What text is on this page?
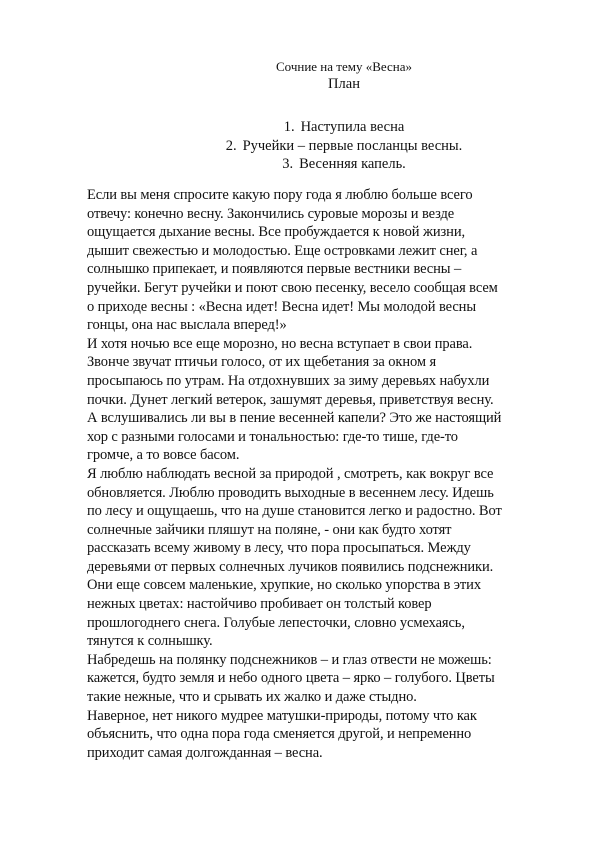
Сочние на тему «Весна»
План
1. Наступила весна
2. Ручейки – первые посланцы весны.
3. Весенняя капель.
Если вы меня спросите какую пору года я люблю больше всего
отвечу: конечно весну. Закончились суровые морозы и везде
ощущается дыхание весны. Все пробуждается к новой жизни,
дышит свежестью и молодостью. Еще островками лежит снег, а
солнышко припекает, и появляются первые вестники весны –
ручейки. Бегут ручейки и поют свою песенку, весело сообщая всем
о приходе весны : «Весна идет! Весна идет! Мы молодой весны
гонцы, она нас выслала вперед!»
И хотя ночью все еще морозно, но весна вступает в свои права.
Звонче звучат птичьи голосо, от их щебетания за окном я
просыпаюсь по утрам. На отдохнувших за зиму деревьях набухли
почки. Дунет легкий ветерок, зашумят деревья, приветствуя весну.
А вслушивались ли вы в пение весенней капели? Это же настоящий
хор с разными голосами и тональностью: где-то тише, где-то
громче, а то вовсе басом.
Я люблю наблюдать весной за природой , смотреть, как вокруг все
обновляется. Люблю проводить выходные в весеннем лесу. Идешь
по лесу и ощущаешь, что на душе становится легко и радостно. Вот
солнечные зайчики пляшут на поляне, - они как будто хотят
рассказать всему живому в лесу, что пора просыпаться. Между
деревьями от первых солнечных лучиков появились подснежники.
Они еще совсем маленькие, хрупкие, но сколько упорства в этих
нежных цветах: настойчиво пробивает он толстый ковер
прошлогоднего снега. Голубые лепесточки, словно усмехаясь,
тянутся к солнышку.
Набредешь на полянку подснежников – и глаз отвести не можешь:
кажется, будто земля и небо одного цвета – ярко – голубого. Цветы
такие нежные, что и срывать их жалко и даже стыдно.
Наверное, нет никого мудрее матушки-природы, потому что как
объяснить, что одна пора года сменяется другой, и непременно
приходит самая долгожданная – весна.
